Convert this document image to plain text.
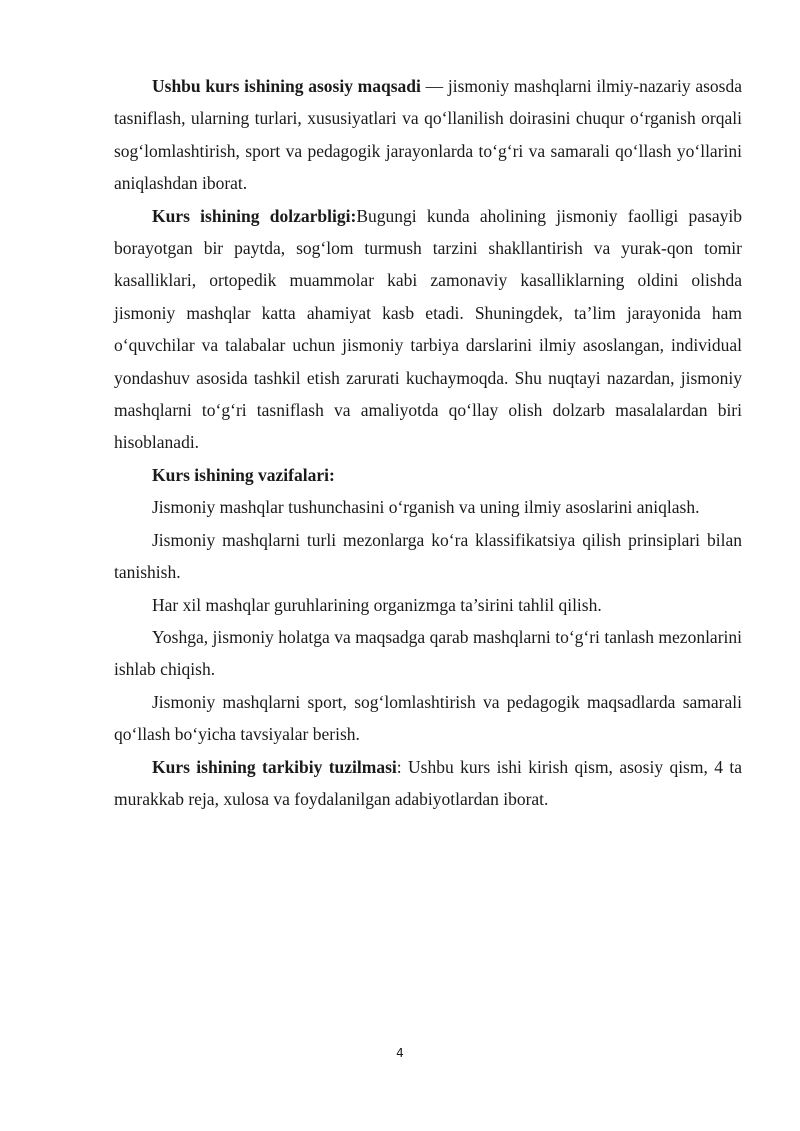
Ushbu kurs ishining asosiy maqsadi — jismoniy mashqlarni ilmiy-nazariy asosda tasniflash, ularning turlari, xususiyatlari va qo‘llanilish doirasini chuqur o‘rganish orqali sog‘lomlashtirish, sport va pedagogik jarayonlarda to‘g‘ri va samarali qo‘llash yo‘llarini aniqlashdan iborat.

Kurs ishining dolzarbligi:Bugungi kunda aholining jismoniy faolligi pasayib borayotgan bir paytda, sog‘lom turmush tarzini shakllantirish va yurak-qon tomir kasalliklari, ortopedik muammolar kabi zamonaviy kasalliklarning oldini olishda jismoniy mashqlar katta ahamiyat kasb etadi. Shuningdek, ta’lim jarayonida ham o‘quvchilar va talabalar uchun jismoniy tarbiya darslarini ilmiy asoslangan, individual yondashuv asosida tashkil etish zarurati kuchaymoqda. Shu nuqtayi nazardan, jismoniy mashqlarni to‘g‘ri tasniflash va amaliyotda qo‘llay olish dolzarb masalalardan biri hisoblanadi.

Kurs ishining vazifalari:

Jismoniy mashqlar tushunchasini o‘rganish va uning ilmiy asoslarini aniqlash.

Jismoniy mashqlarni turli mezonlarga ko‘ra klassifikatsiya qilish prinsiplari bilan tanishish.

Har xil mashqlar guruhlarining organizmga ta’sirini tahlil qilish.

Yoshga, jismoniy holatga va maqsadga qarab mashqlarni to‘g‘ri tanlash mezonlarini ishlab chiqish.

Jismoniy mashqlarni sport, sog‘lomlashtirish va pedagogik maqsadlarda samarali qo‘llash bo‘yicha tavsiyalar berish.

Kurs ishining tarkibiy tuzilmasi: Ushbu kurs ishi kirish qism, asosiy qism, 4 ta murakkab reja, xulosa va foydalanilgan adabiyotlardan iborat.

4
